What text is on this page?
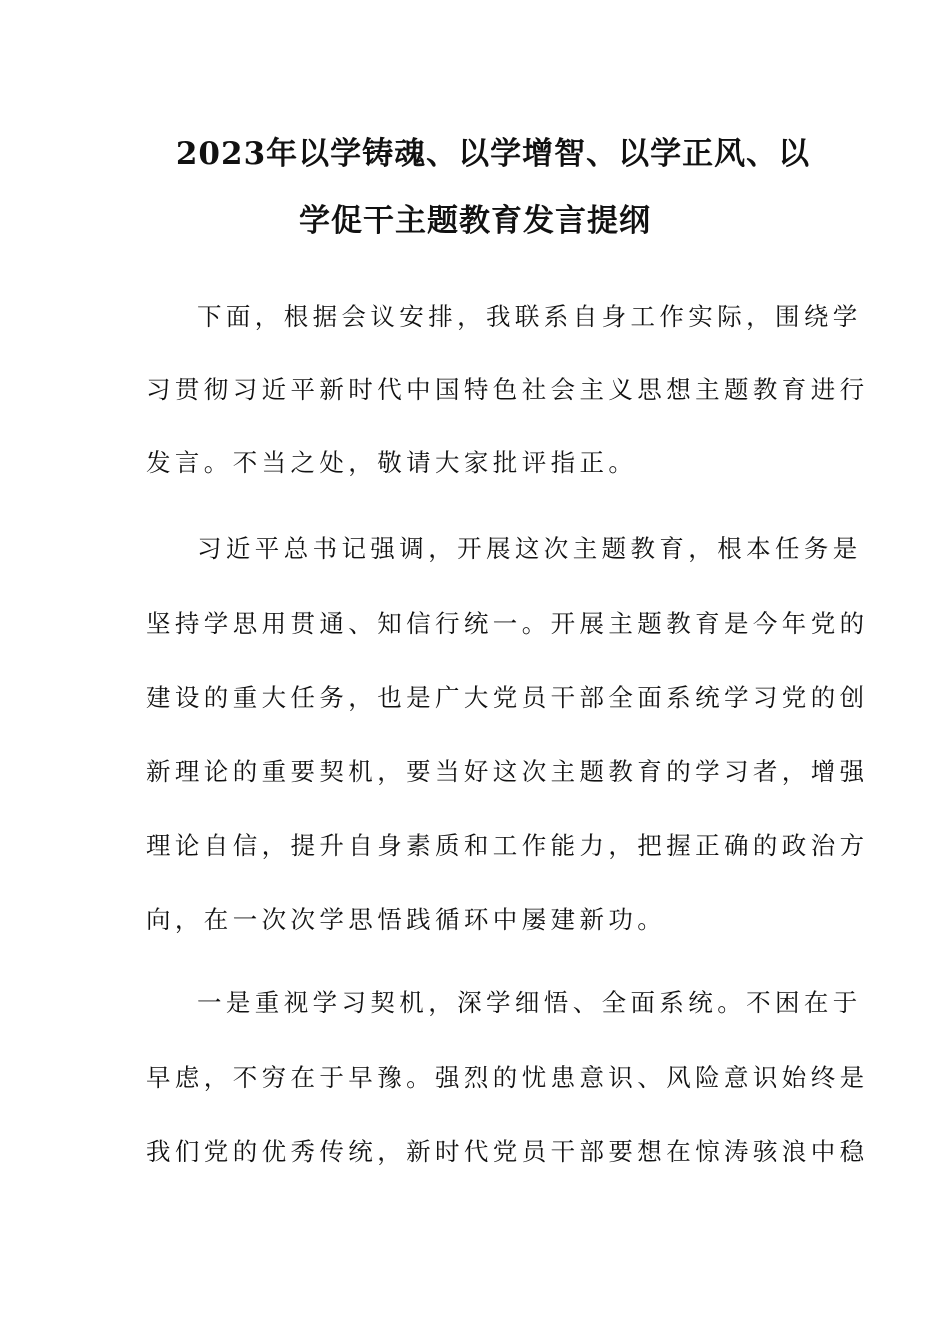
2023年以学铸魂、以学增智、以学正风、以
学促干主题教育发言提纲
下面，根据会议安排，我联系自身工作实际，围绕学
习贯彻习近平新时代中国特色社会主义思想主题教育进行
发言。不当之处，敬请大家批评指正。
习近平总书记强调，开展这次主题教育，根本任务是
坚持学思用贯通、知信行统一。开展主题教育是今年党的
建设的重大任务，也是广大党员干部全面系统学习党的创
新理论的重要契机，要当好这次主题教育的学习者，增强
理论自信，提升自身素质和工作能力，把握正确的政治方
向，在一次次学思悟践循环中屡建新功。
一是重视学习契机，深学细悟、全面系统。不困在于
早虑，不穷在于早豫。强烈的忧患意识、风险意识始终是
我们党的优秀传统，新时代党员干部要想在惊涛骇浪中稳
